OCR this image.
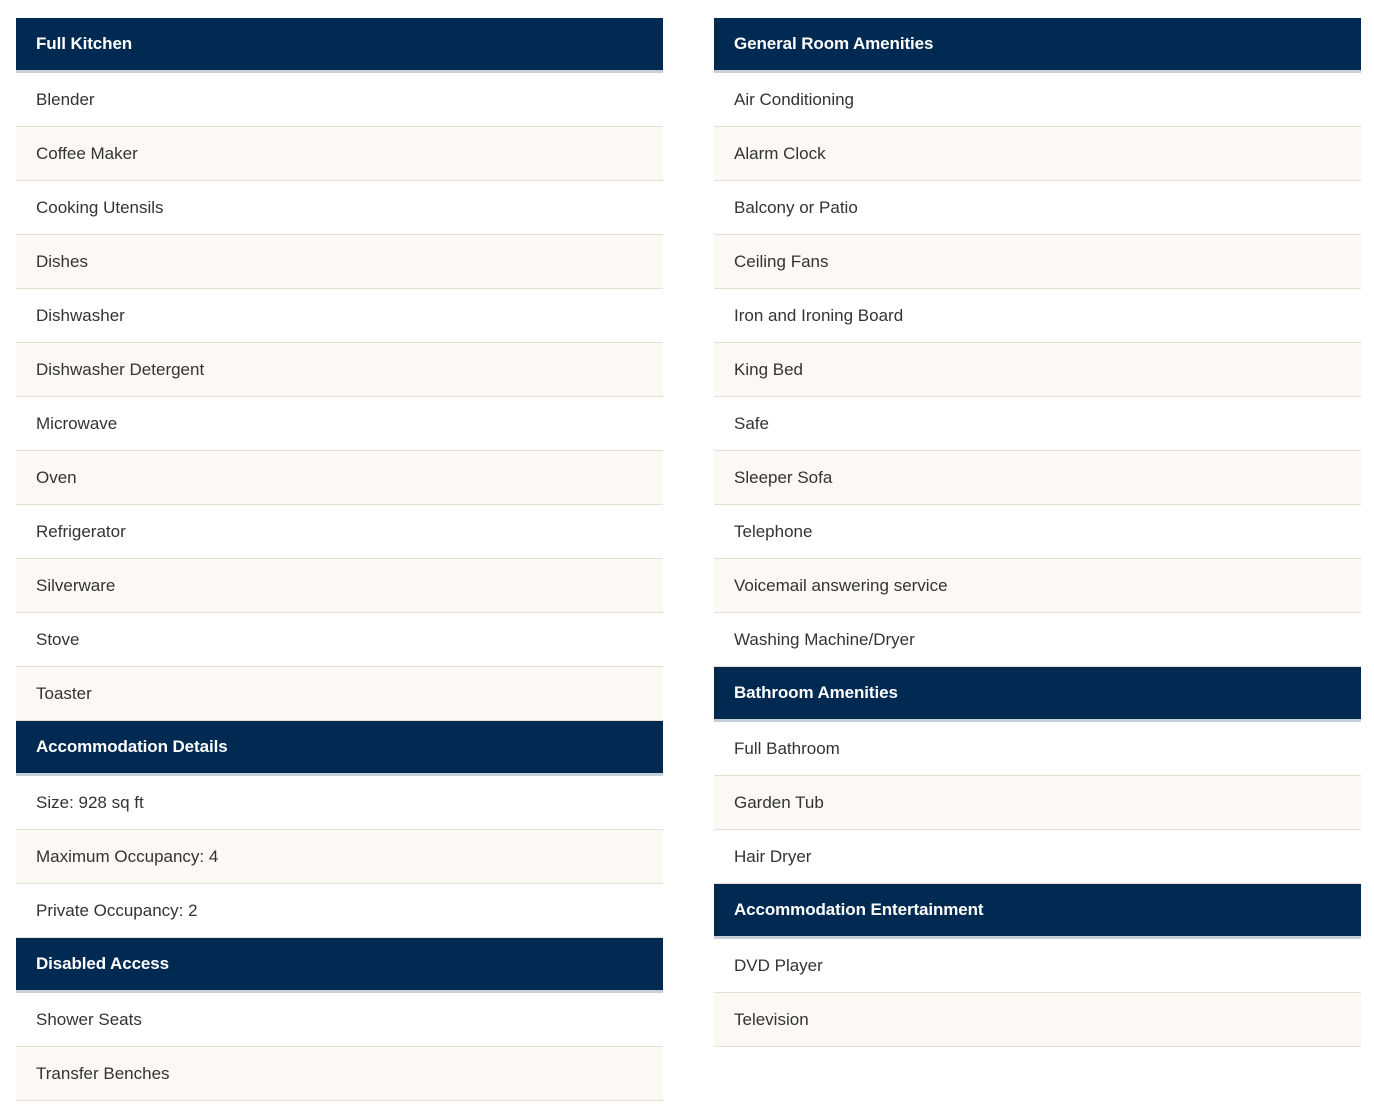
Full Kitchen
Blender
Coffee Maker
Cooking Utensils
Dishes
Dishwasher
Dishwasher Detergent
Microwave
Oven
Refrigerator
Silverware
Stove
Toaster
Accommodation Details
Size: 928 sq ft
Maximum Occupancy: 4
Private Occupancy: 2
Disabled Access
Shower Seats
Transfer Benches
General Room Amenities
Air Conditioning
Alarm Clock
Balcony or Patio
Ceiling Fans
Iron and Ironing Board
King Bed
Safe
Sleeper Sofa
Telephone
Voicemail answering service
Washing Machine/Dryer
Bathroom Amenities
Full Bathroom
Garden Tub
Hair Dryer
Accommodation Entertainment
DVD Player
Television
